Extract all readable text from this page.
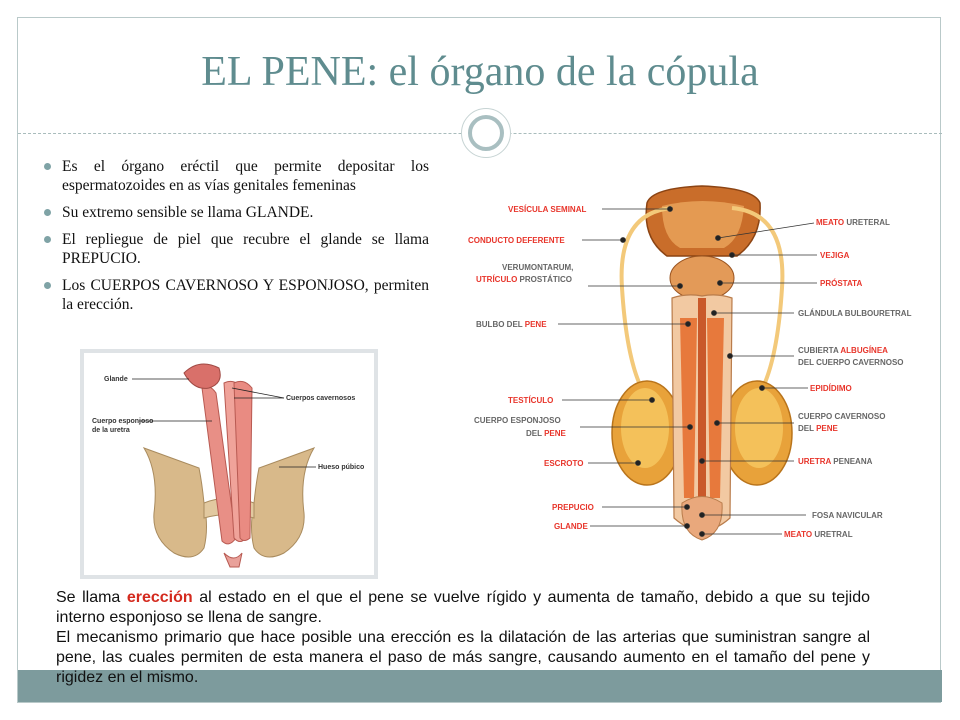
EL PENE: el órgano de la cópula
Es el órgano eréctil que permite depositar los espermatozoides en as vías genitales femeninas
Su extremo sensible se llama GLANDE.
El repliegue de piel que recubre el glande se llama PREPUCIO.
Los CUERPOS CAVERNOSO Y ESPONJOSO, permiten la erección.
Glande
Cuerpos cavernosos
Cuerpo esponjoso
de la uretra
Hueso púbico
VESÍCULA SEMINAL
CONDUCTO DEFERENTE
VERUMONTARUM,
UTRÍCULO PROSTÁTICO
BULBO DEL PENE
TESTÍCULO
CUERPO ESPONJOSO
DEL PENE
ESCROTO
PREPUCIO
GLANDE
MEATO URETERAL
VEJIGA
PRÓSTATA
GLÁNDULA BULBOURETRAL
CUBIERTA ALBUGÍNEA
DEL CUERPO CAVERNOSO
EPIDÍDIMO
CUERPO CAVERNOSO
DEL PENE
URETRA PENEANA
FOSA NAVICULAR
MEATO URETRAL

Se llama erección al estado en el que el pene se vuelve rígido y aumenta de tamaño, debido a que su tejido interno esponjoso se llena de sangre.

El mecanismo primario que hace posible una erección es la dilatación de las arterias que suministran sangre al pene, las cuales permiten de esta manera el paso de más sangre, causando aumento en el tamaño del pene y rigidez en el mismo.
